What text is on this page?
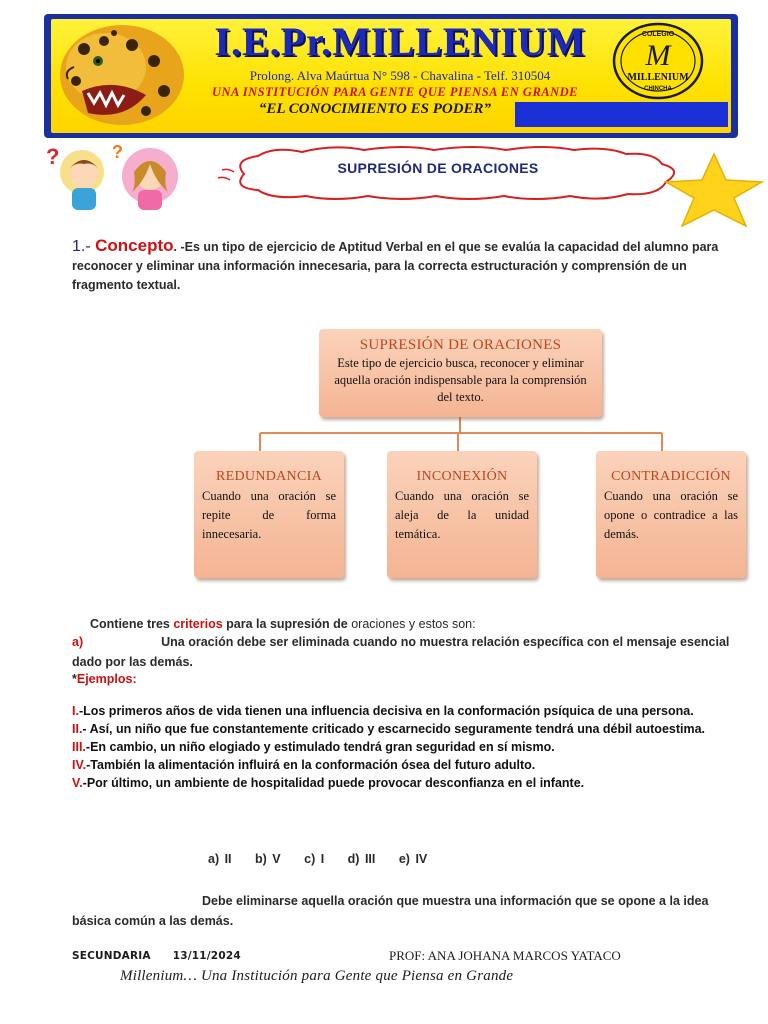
I.E.Pr.MILLENIUM
Prolong. Alva Maúrtua N° 598 - Chavalina - Telf. 310504
UNA INSTITUCIÓN PARA GENTE QUE PIENSA EN GRANDE
“EL CONOCIMIENTO ES PODER”
COLEGIO
M
MILLENIUM
CHINCHA
?	?
SUPRESIÓN DE ORACIONES
1.- Concepto. -Es un tipo de ejercicio de Aptitud Verbal en el que se evalúa la capacidad del alumno para reconocer y eliminar una información innecesaria, para la correcta estructuración y comprensión de un fragmento textual.
SUPRESIÓN DE ORACIONES
Este tipo de ejercicio busca, reconocer y eliminar aquella oración indispensable para la comprensión del texto.
REDUNDANCIA
Cuando una oración se repite de forma innecesaria.
INCONEXIÓN
Cuando una oración se aleja de la unidad temática.
CONTRADICCIÓN
Cuando una oración se opone o contradice a las demás.
Contiene tres criterios para la supresión de oraciones y estos son:
a)	Una oración debe ser eliminada cuando no muestra relación específica con el mensaje esencial dado por las demás.
*Ejemplos:
I.-Los primeros años de vida tienen una influencia decisiva en la conformación psíquica de una persona.
II.- Así, un niño que fue constantemente criticado y escarnecido seguramente tendrá una débil autoestima.
III.-En cambio, un niño elogiado y estimulado tendrá gran seguridad en sí mismo.
IV.-También la alimentación influirá en la conformación ósea del futuro adulto.
V.-Por último, un ambiente de hospitalidad puede provocar desconfianza en el infante.
a) II b) V c) I d) III e) IV
Debe eliminarse aquella oración que muestra una información que se opone a la idea básica común a las demás.
SECUNDARIA 13/11/2024	PROF: ANA JOHANA MARCOS YATACO
Millenium… Una Institución para Gente que Piensa en Grande
